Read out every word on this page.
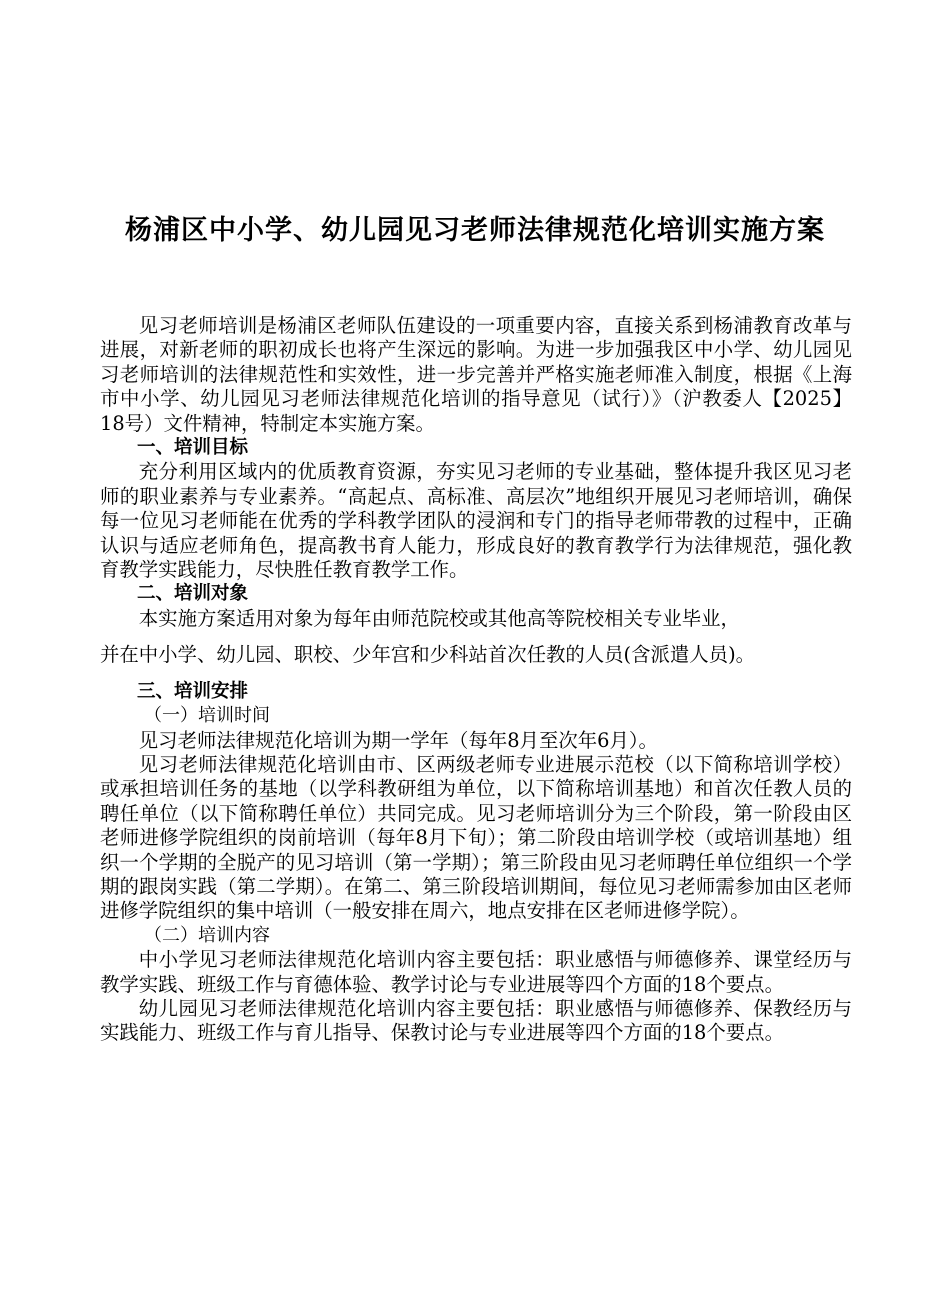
杨浦区中小学、幼儿园见习老师法律规范化培训实施方案

见习老师培训是杨浦区老师队伍建设的一项重要内容，直接关系到杨浦教育改革与进展，对新老师的职初成长也将产生深远的影响。为进一步加强我区中小学、幼儿园见习老师培训的法律规范性和实效性，进一步完善并严格实施老师准入制度，根据《上海市中小学、幼儿园见习老师法律规范化培训的指导意见（试行）》（沪教委人【2025】18号）文件精神，特制定本实施方案。

一、培训目标

充分利用区域内的优质教育资源，夯实见习老师的专业基础，整体提升我区见习老师的职业素养与专业素养。“高起点、高标准、高层次”地组织开展见习老师培训，确保每一位见习老师能在优秀的学科教学团队的浸润和专门的指导老师带教的过程中，正确认识与适应老师角色，提高教书育人能力，形成良好的教育教学行为法律规范，强化教育教学实践能力，尽快胜任教育教学工作。

二、培训对象

本实施方案适用对象为每年由师范院校或其他高等院校相关专业毕业，

并在中小学、幼儿园、职校、少年宫和少科站首次任教的人员(含派遣人员)。

三、培训安排

（一）培训时间

见习老师法律规范化培训为期一学年（每年8月至次年6月）。

见习老师法律规范化培训由市、区两级老师专业进展示范校（以下简称培训学校）或承担培训任务的基地（以学科教研组为单位，以下简称培训基地）和首次任教人员的聘任单位（以下简称聘任单位）共同完成。见习老师培训分为三个阶段，第一阶段由区老师进修学院组织的岗前培训（每年8月下旬）；第二阶段由培训学校（或培训基地）组织一个学期的全脱产的见习培训（第一学期）；第三阶段由见习老师聘任单位组织一个学期的跟岗实践（第二学期）。在第二、第三阶段培训期间，每位见习老师需参加由区老师进修学院组织的集中培训（一般安排在周六，地点安排在区老师进修学院）。

（二）培训内容

中小学见习老师法律规范化培训内容主要包括：职业感悟与师德修养、课堂经历与教学实践、班级工作与育德体验、教学讨论与专业进展等四个方面的18个要点。

幼儿园见习老师法律规范化培训内容主要包括：职业感悟与师德修养、保教经历与实践能力、班级工作与育儿指导、保教讨论与专业进展等四个方面的18个要点。
